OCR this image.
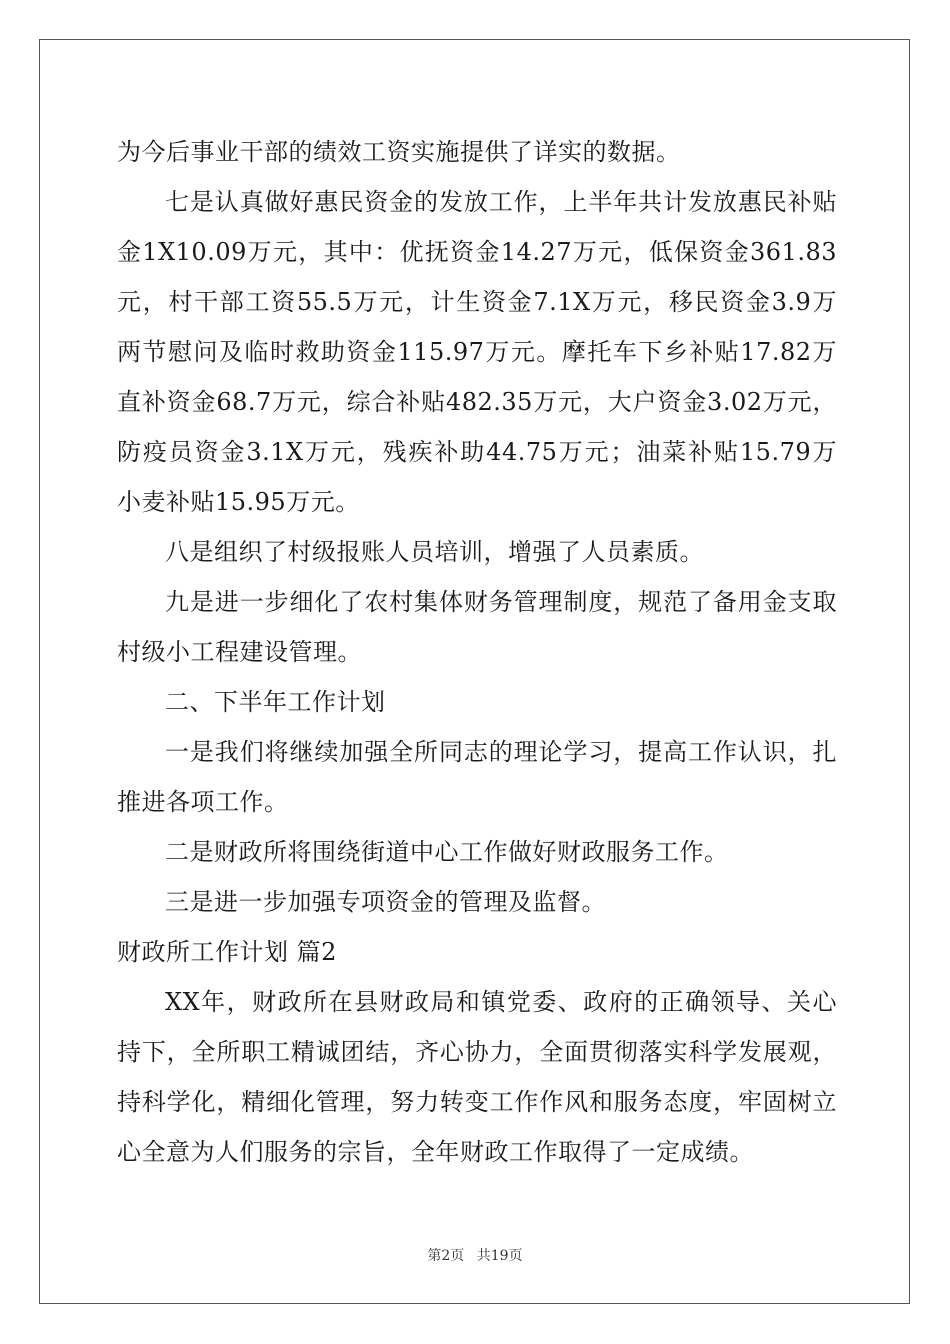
为今后事业干部的绩效工资实施提供了详实的数据。
七是认真做好惠民资金的发放工作，上半年共计发放惠民补贴
金1X10.09万元，其中：优抚资金14.27万元，低保资金361.83
元，村干部工资55.5万元，计生资金7.1X万元，移民资金3.9万
两节慰问及临时救助资金115.97万元。摩托车下乡补贴17.82万
直补资金68.7万元，综合补贴482.35万元，大户资金3.02万元，
防疫员资金3.1X万元，残疾补助44.75万元；油菜补贴15.79万
小麦补贴15.95万元。
八是组织了村级报账人员培训，增强了人员素质。
九是进一步细化了农村集体财务管理制度，规范了备用金支取
村级小工程建设管理。
二、下半年工作计划
一是我们将继续加强全所同志的理论学习，提高工作认识，扎
推进各项工作。
二是财政所将围绕街道中心工作做好财政服务工作。
三是进一步加强专项资金的管理及监督。
财政所工作计划 篇2
XX年，财政所在县财政局和镇党委、政府的正确领导、关心
持下，全所职工精诚团结，齐心协力，全面贯彻落实科学发展观，
持科学化，精细化管理，努力转变工作作风和服务态度，牢固树立
心全意为人们服务的宗旨，全年财政工作取得了一定成绩。
第2页 共19页
